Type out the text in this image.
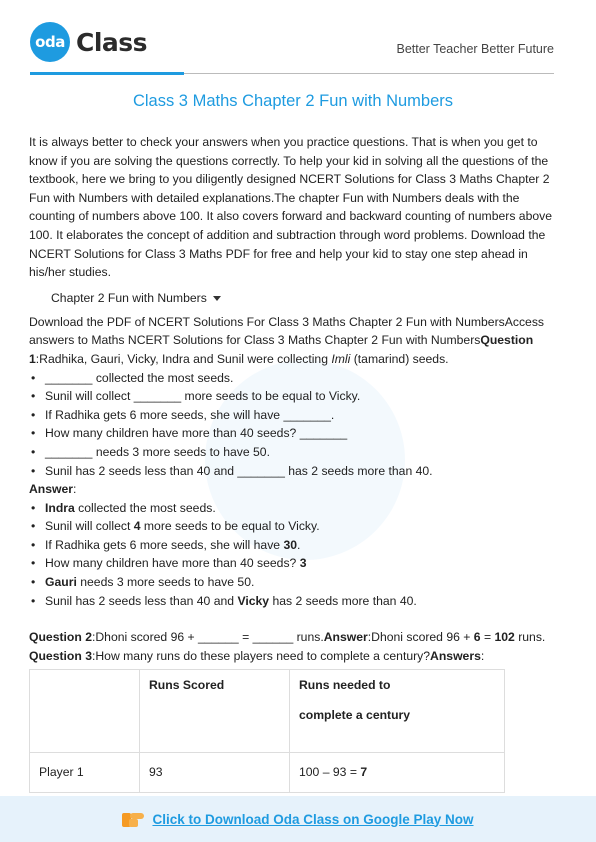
oda Class	Better Teacher Better Future
Class 3 Maths Chapter 2 Fun with Numbers

It is always better to check your answers when you practice questions. That is when you get to know if you are solving the questions correctly. To help your kid in solving all the questions of the textbook, here we bring to you diligently designed NCERT Solutions for Class 3 Maths Chapter 2 Fun with Numbers with detailed explanations.The chapter Fun with Numbers deals with the counting of numbers above 100. It also covers forward and backward counting of numbers above 100. It elaborates the concept of addition and subtraction through word problems. Download the NCERT Solutions for Class 3 Maths PDF for free and help your kid to stay one step ahead in his/her studies.

Chapter 2 Fun with Numbers

Download the PDF of NCERT Solutions For Class 3 Maths Chapter 2 Fun with NumbersAccess answers to Maths NCERT Solutions for Class 3 Maths Chapter 2 Fun with NumbersQuestion 1:Radhika, Gauri, Vicky, Indra and Sunil were collecting Imli (tamarind) seeds.

• _______ collected the most seeds.
• Sunil will collect _______ more seeds to be equal to Vicky.
• If Radhika gets 6 more seeds, she will have _______.
• How many children have more than 40 seeds? _______
• _______ needs 3 more seeds to have 50.
• Sunil has 2 seeds less than 40 and _______ has 2 seeds more than 40.

Answer:

• Indra collected the most seeds.
• Sunil will collect 4 more seeds to be equal to Vicky.
• If Radhika gets 6 more seeds, she will have 30.
• How many children have more than 40 seeds? 3
• Gauri needs 3 more seeds to have 50.
• Sunil has 2 seeds less than 40 and Vicky has 2 seeds more than 40.

Question 2:Dhoni scored 96 + ______ = ______ runs.Answer:Dhoni scored 96 + 6 = 102 runs.

Question 3:How many runs do these players need to complete a century?Answers:

	Runs Scored	Runs needed to
complete a century

Player 1	93	100 – 93 = 7
Click to Download Oda Class on Google Play Now
